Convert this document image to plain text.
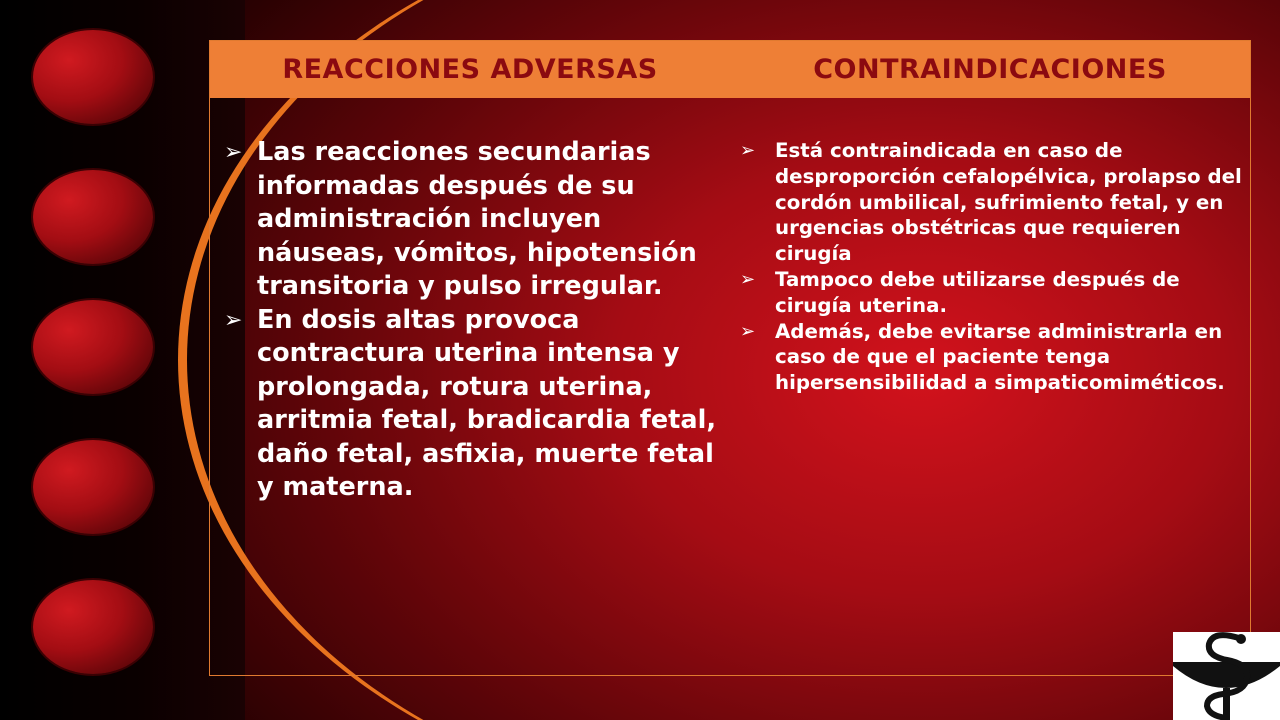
REACCIONES ADVERSAS	CONTRAINDICACIONES
➢ Las reacciones secundarias informadas después de su administración incluyen náuseas, vómitos, hipotensión transitoria y pulso irregular.
➢ En dosis altas provoca contractura uterina intensa y prolongada, rotura uterina, arritmia fetal, bradicardia fetal, daño fetal, asfixia, muerte fetal y materna.
➢	Está contraindicada en caso de desproporción cefalopélvica, prolapso del cordón umbilical, sufrimiento fetal, y en urgencias obstétricas que requieren cirugía
➢	Tampoco debe utilizarse después de cirugía uterina.
➢	Además, debe evitarse administrarla en caso de que el paciente tenga hipersensibilidad a simpaticomiméticos.
